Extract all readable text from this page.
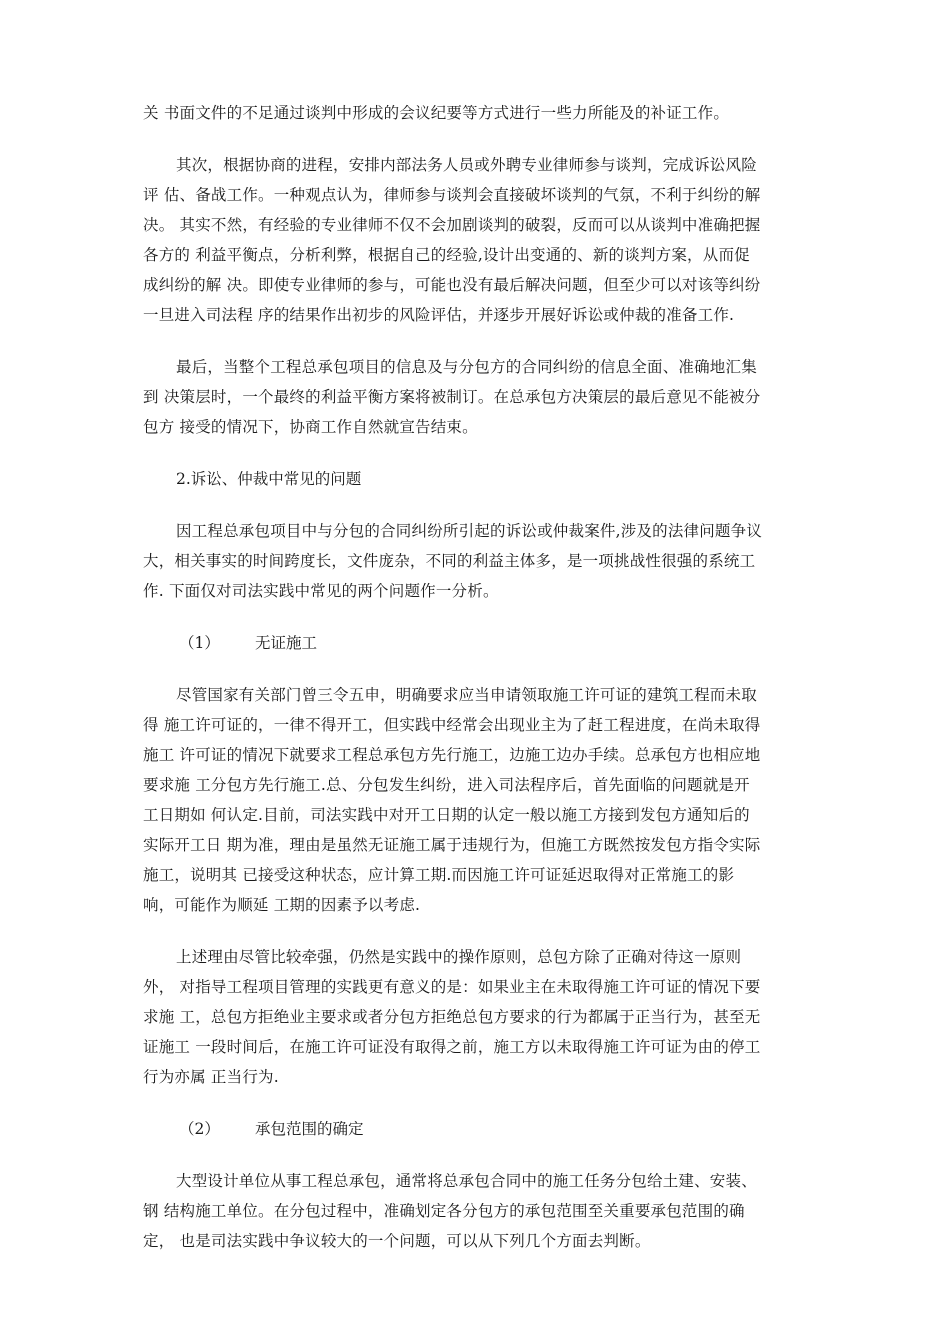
关 书面文件的不足通过谈判中形成的会议纪要等方式进行一些力所能及的补证工作。
其次，根据协商的进程，安排内部法务人员或外聘专业律师参与谈判，完成诉讼风险
评 估、备战工作。一种观点认为，律师参与谈判会直接破坏谈判的气氛，不利于纠纷的解
决。 其实不然，有经验的专业律师不仅不会加剧谈判的破裂，反而可以从谈判中准确把握
各方的 利益平衡点，分析利弊，根据自己的经验,设计出变通的、新的谈判方案，从而促
成纠纷的解 决。即使专业律师的参与，可能也没有最后解决问题，但至少可以对该等纠纷
一旦进入司法程 序的结果作出初步的风险评估，并逐步开展好诉讼或仲裁的准备工作.
最后，当整个工程总承包项目的信息及与分包方的合同纠纷的信息全面、准确地汇集
到 决策层时，一个最终的利益平衡方案将被制订。在总承包方决策层的最后意见不能被分
包方 接受的情况下，协商工作自然就宣告结束。
2.诉讼、仲裁中常见的问题
因工程总承包项目中与分包的合同纠纷所引起的诉讼或仲裁案件,涉及的法律问题争议
大，相关事实的时间跨度长，文件庞杂，不同的利益主体多，是一项挑战性很强的系统工
作. 下面仅对司法实践中常见的两个问题作一分析。
（1） 无证施工
尽管国家有关部门曾三令五申，明确要求应当申请领取施工许可证的建筑工程而未取
得 施工许可证的，一律不得开工，但实践中经常会出现业主为了赶工程进度，在尚未取得
施工 许可证的情况下就要求工程总承包方先行施工，边施工边办手续。总承包方也相应地
要求施 工分包方先行施工.总、分包发生纠纷，进入司法程序后，首先面临的问题就是开
工日期如 何认定.目前，司法实践中对开工日期的认定一般以施工方接到发包方通知后的
实际开工日 期为准，理由是虽然无证施工属于违规行为，但施工方既然按发包方指令实际
施工，说明其 已接受这种状态，应计算工期.而因施工许可证延迟取得对正常施工的影
响，可能作为顺延 工期的因素予以考虑.
上述理由尽管比较牵强，仍然是实践中的操作原则，总包方除了正确对待这一原则
外， 对指导工程项目管理的实践更有意义的是：如果业主在未取得施工许可证的情况下要
求施 工，总包方拒绝业主要求或者分包方拒绝总包方要求的行为都属于正当行为，甚至无
证施工 一段时间后，在施工许可证没有取得之前，施工方以未取得施工许可证为由的停工
行为亦属 正当行为.
（2） 承包范围的确定
大型设计单位从事工程总承包，通常将总承包合同中的施工任务分包给土建、安装、
钢 结构施工单位。在分包过程中，准确划定各分包方的承包范围至关重要承包范围的确
定， 也是司法实践中争议较大的一个问题，可以从下列几个方面去判断。
